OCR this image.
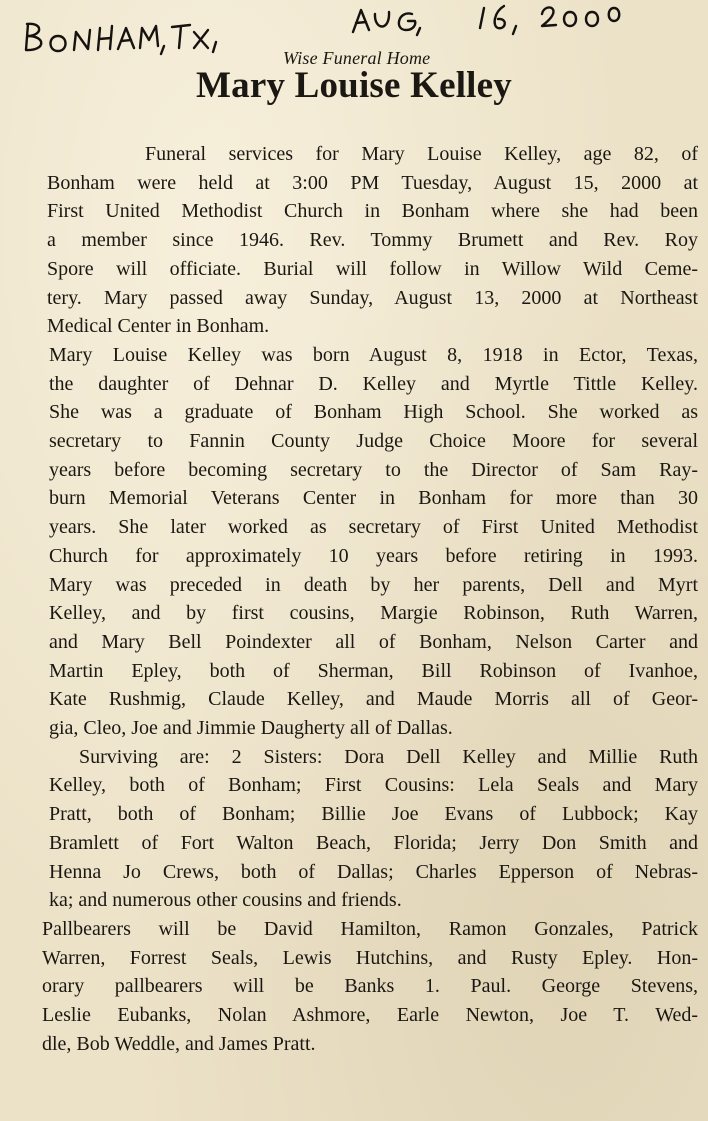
Wise Funeral Home
Mary Louise Kelley
Funeral services for Mary Louise Kelley, age 82, of
Bonham were held at 3:00 PM Tuesday, August 15, 2000 at
First United Methodist Church in Bonham where she had been
a member since 1946. Rev. Tommy Brumett and Rev. Roy
Spore will officiate. Burial will follow in Willow Wild Ceme-
tery. Mary passed away Sunday, August 13, 2000 at Northeast
Medical Center in Bonham.
Mary Louise Kelley was born August 8, 1918 in Ector, Texas,
the daughter of Dehnar D. Kelley and Myrtle Tittle Kelley.
She was a graduate of Bonham High School. She worked as
secretary to Fannin County Judge Choice Moore for several
years before becoming secretary to the Director of Sam Ray-
burn Memorial Veterans Center in Bonham for more than 30
years. She later worked as secretary of First United Methodist
Church for approximately 10 years before retiring in 1993.
Mary was preceded in death by her parents, Dell and Myrt
Kelley, and by first cousins, Margie Robinson, Ruth Warren,
and Mary Bell Poindexter all of Bonham, Nelson Carter and
Martin Epley, both of Sherman, Bill Robinson of Ivanhoe,
Kate Rushmig, Claude Kelley, and Maude Morris all of Geor-
gia, Cleo, Joe and Jimmie Daugherty all of Dallas.
Surviving are: 2 Sisters: Dora Dell Kelley and Millie Ruth
Kelley, both of Bonham; First Cousins: Lela Seals and Mary
Pratt, both of Bonham; Billie Joe Evans of Lubbock; Kay
Bramlett of Fort Walton Beach, Florida; Jerry Don Smith and
Henna Jo Crews, both of Dallas; Charles Epperson of Nebras-
ka; and numerous other cousins and friends.
Pallbearers will be David Hamilton, Ramon Gonzales, Patrick
Warren, Forrest Seals, Lewis Hutchins, and Rusty Epley. Hon-
orary pallbearers will be Banks 1. Paul. George Stevens,
Leslie Eubanks, Nolan Ashmore, Earle Newton, Joe T. Wed-
dle, Bob Weddle, and James Pratt.
